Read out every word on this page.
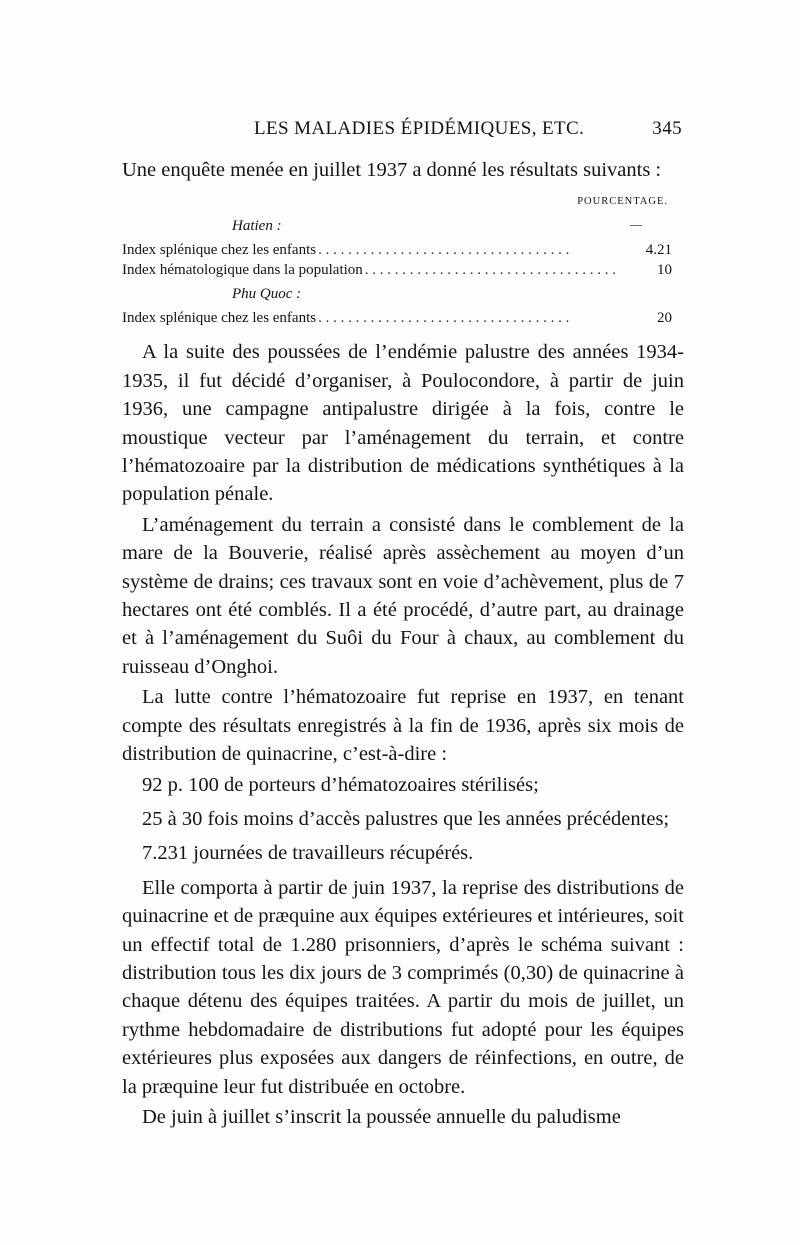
LES MALADIES ÉPIDÉMIQUES, ETC.	345

Une enquête menée en juillet 1937 a donné les résultats suivants :

POURCENTAGE.
—
Hatien :
Index splénique chez les enfants . . . . . . . . . . . . . . . . . . . . . . . . . . . . . . . . . .	4.21
Index hématologique dans la population . . . . . . . . . . . . . . . . . . . . . . . . . . . . . . . . . .	10
Phu Quoc :
Index splénique chez les enfants . . . . . . . . . . . . . . . . . . . . . . . . . . . . . . . . . .	20

A la suite des poussées de l’endémie palustre des années 1934-1935, il fut décidé d’organiser, à Poulocondore, à partir de juin 1936, une campagne antipalustre dirigée à la fois, contre le moustique vecteur par l’aménagement du terrain, et contre l’hématozoaire par la distribution de médications synthétiques à la population pénale.

L’aménagement du terrain a consisté dans le comblement de la mare de la Bouverie, réalisé après assèchement au moyen d’un système de drains; ces travaux sont en voie d’achèvement, plus de 7 hectares ont été comblés. Il a été procédé, d’autre part, au drainage et à l’aménagement du Suôi du Four à chaux, au comblement du ruisseau d’Onghoi.

La lutte contre l’hématozoaire fut reprise en 1937, en tenant compte des résultats enregistrés à la fin de 1936, après six mois de distribution de quinacrine, c’est-à-dire :

92 p. 100 de porteurs d’hématozoaires stérilisés;

25 à 30 fois moins d’accès palustres que les années précédentes;

7.231 journées de travailleurs récupérés.

Elle comporta à partir de juin 1937, la reprise des distributions de quinacrine et de præquine aux équipes extérieures et intérieures, soit un effectif total de 1.280 prisonniers, d’après le schéma suivant : distribution tous les dix jours de 3 comprimés (0,30) de quinacrine à chaque détenu des équipes traitées. A partir du mois de juillet, un rythme hebdomadaire de distributions fut adopté pour les équipes extérieures plus exposées aux dangers de réinfections, en outre, de la præquine leur fut distribuée en octobre.

De juin à juillet s’inscrit la poussée annuelle du paludisme
